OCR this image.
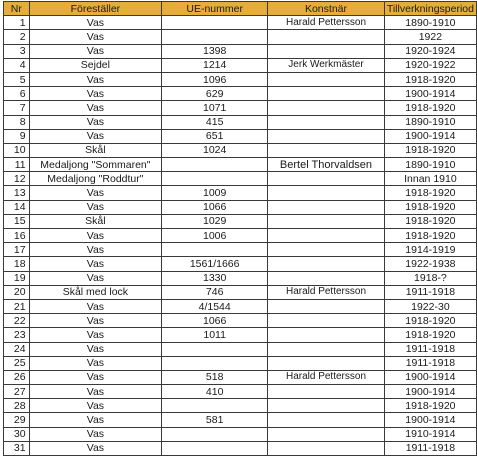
Nr	Föreställer	UE-nummer	Konstnär	Tillverkningsperiod
1	Vas		Harald Pettersson	1890-1910
2	Vas			1922
3	Vas	1398		1920-1924
4	Sejdel	1214	Jerk Werkmäster	1920-1922
5	Vas	1096		1918-1920
6	Vas	629		1900-1914
7	Vas	1071		1918-1920
8	Vas	415		1890-1910
9	Vas	651		1900-1914
10	Skål	1024		1918-1920
11	Medaljong "Sommaren"		Bertel Thorvaldsen	1890-1910
12	Medaljong "Roddtur"			Innan 1910
13	Vas	1009		1918-1920
14	Vas	1066		1918-1920
15	Skål	1029		1918-1920
16	Vas	1006		1918-1920
17	Vas			1914-1919
18	Vas	1561/1666		1922-1938
19	Vas	1330		1918-?
20	Skål med lock	746	Harald Pettersson	1911-1918
21	Vas	4/1544		1922-30
22	Vas	1066		1918-1920
23	Vas	1011		1918-1920
24	Vas			1911-1918
25	Vas			1911-1918
26	Vas	518	Harald Pettersson	1900-1914
27	Vas	410		1900-1914
28	Vas			1918-1920
29	Vas	581		1900-1914
30	Vas			1910-1914
31	Vas			1911-1918
